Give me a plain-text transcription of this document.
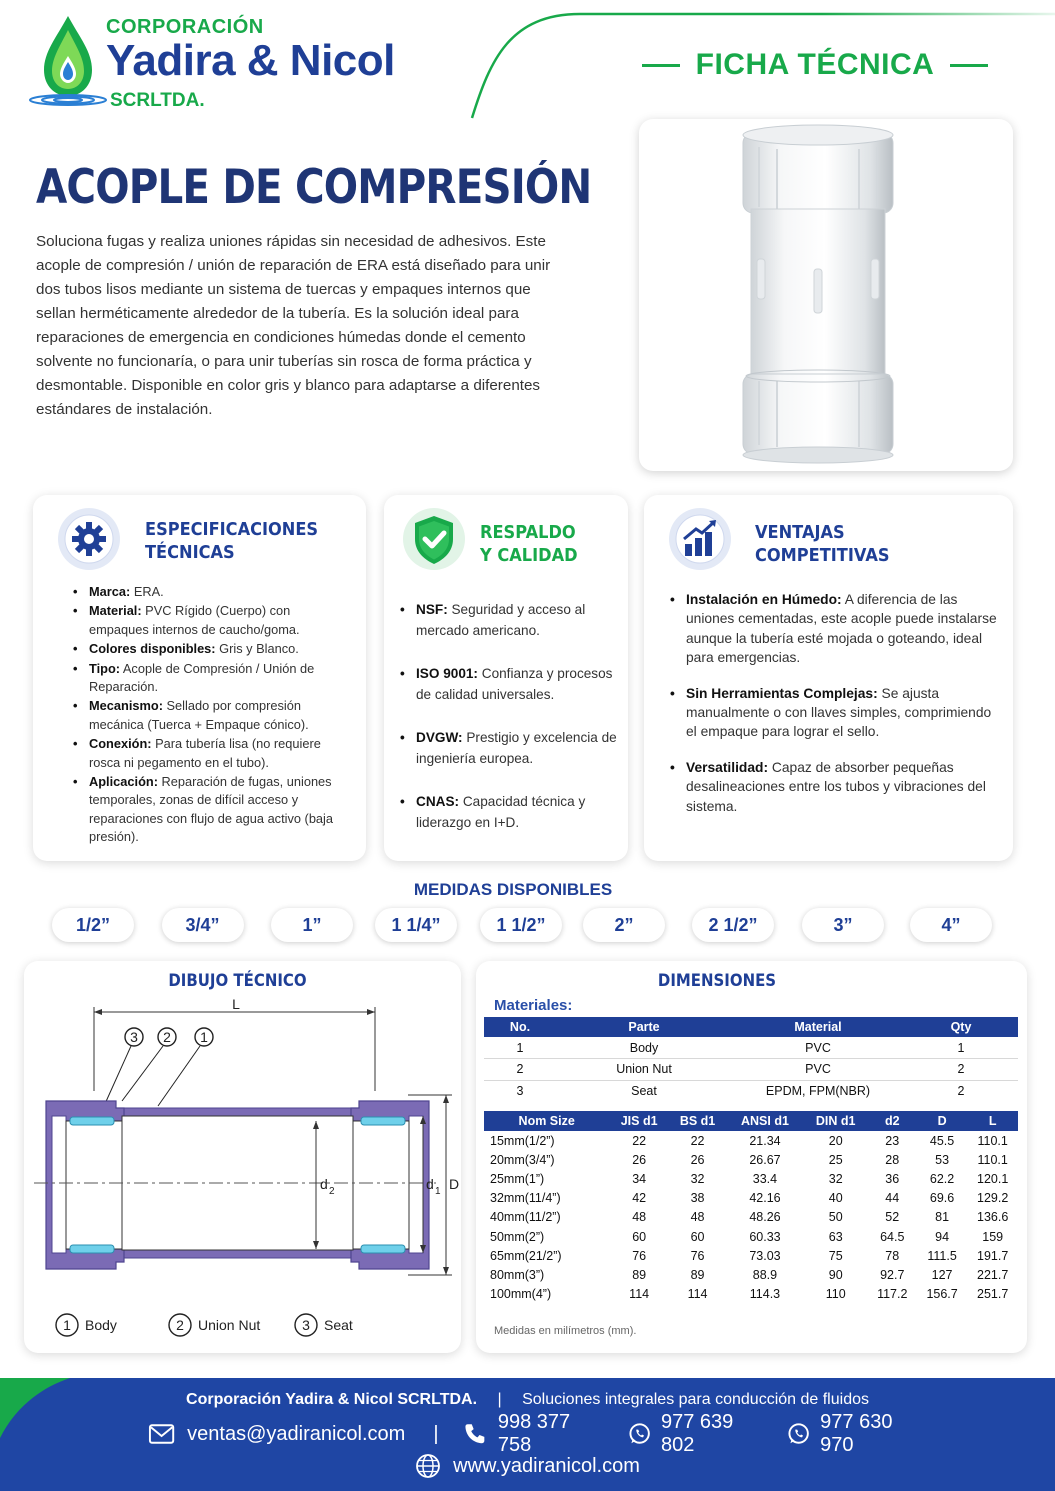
CORPORACIÓN
Yadira & Nicol
SCRLTDA.
FICHA TÉCNICA
ACOPLE DE COMPRESIÓN
Soluciona fugas y realiza uniones rápidas sin necesidad de adhesivos. Este acople de compresión / unión de reparación de ERA está diseñado para unir dos tubos lisos mediante un sistema de tuercas y empaques internos que sellan herméticamente alrededor de la tubería. Es la solución ideal para reparaciones de emergencia en condiciones húmedas donde el cemento solvente no funcionaría, o para unir tuberías sin rosca de forma práctica y desmontable. Disponible en color gris y blanco para adaptarse a diferentes estándares de instalación.
ESPECIFICACIONES
TÉCNICAS
• Marca: ERA.
• Material: PVC Rígido (Cuerpo) con empaques internos de caucho/goma.
• Colores disponibles: Gris y Blanco.
• Tipo: Acople de Compresión / Unión de Reparación.
• Mecanismo: Sellado por compresión mecánica (Tuerca + Empaque cónico).
• Conexión: Para tubería lisa (no requiere rosca ni pegamento en el tubo).
• Aplicación: Reparación de fugas, uniones temporales, zonas de difícil acceso y reparaciones con flujo de agua activo (baja presión).
RESPALDO
Y CALIDAD
• NSF: Seguridad y acceso al mercado americano.
• ISO 9001: Confianza y procesos de calidad universales.
• DVGW: Prestigio y excelencia de ingeniería europea.
• CNAS: Capacidad técnica y liderazgo en I+D.
VENTAJAS
COMPETITIVAS
• Instalación en Húmedo: A diferencia de las uniones cementadas, este acople puede instalarse aunque la tubería esté mojada o goteando, ideal para emergencias.
• Sin Herramientas Complejas: Se ajusta manualmente o con llaves simples, comprimiendo el empaque para lograr el sello.
• Versatilidad: Capaz de absorber pequeñas desalineaciones entre los tubos y vibraciones del sistema.
MEDIDAS DISPONIBLES
1/2”	3/4”	1”	1 1/4”	1 1/2”	2”	2 1/2”	3”	4”
DIBUJO TÉCNICO
L
3 2 1
d 2	d 1 D
1 Body	2 Union Nut	3 Seat
DIMENSIONES
Materiales:
No.	Parte	Material	Qty
1	Body	PVC	1
2	Union Nut	PVC	2
3	Seat	EPDM, FPM(NBR)	2
Nom Size	JIS d1	BS d1	ANSI d1	DIN d1	d2	D	L
15mm(1/2”)	22	22	21.34	20	23	45.5	110.1
20mm(3/4”)	26	26	26.67	25	28	53	110.1
25mm(1”)	34	32	33.4	32	36	62.2	120.1
32mm(11/4”)	42	38	42.16	40	44	69.6	129.2
40mm(11/2”)	48	48	48.26	50	52	81	136.6
50mm(2”)	60	60	60.33	63	64.5	94	159
65mm(21/2”)	76	76	73.03	75	78	111.5	191.7
80mm(3”)	89	89	88.9	90	92.7	127	221.7
100mm(4”)	114	114	114.3	110	117.2	156.7	251.7
Medidas en milímetros (mm).
Corporación Yadira & Nicol SCRLTDA. | Soluciones integrales para conducción de fluidos
ventas@yadiranicol.com |
998 377 758
977 639 802
977 630 970
www.yadiranicol.com
